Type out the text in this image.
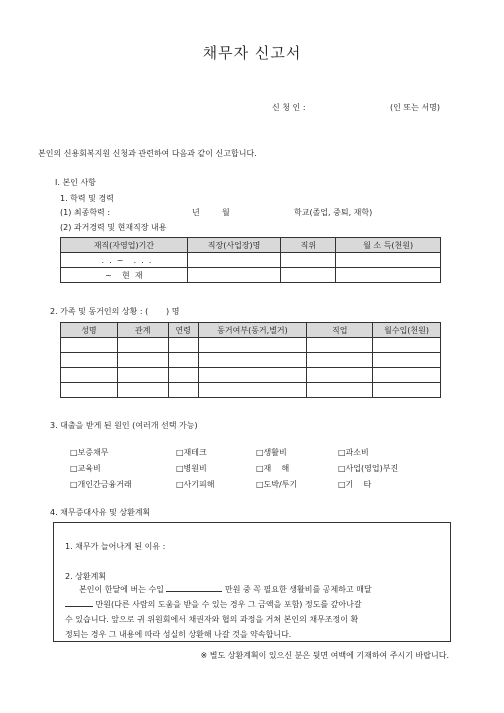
채무자 신고서
신 청 인 :	(인 또는 서명)
본인의 신용회복지원 신청과 관련하여 다음과 같이 신고합니다.
Ⅰ. 본인 사항
1. 학력 및 경력
(1) 최종학력 :	년	월	학교(졸업, 중퇴, 재학)
(2) 과거경력 및 현재직장 내용
재직(자영업)기간	직장(사업장)명	직위	월 소 득(천원)
.  .  ~    .  .  .			
~    현  재			
2. 가족 및 동거인의 상황 : (       ) 명
성명	관계	연령	동거여부(동거,별거)	직업	월수입(천원)

3. 대출을 받게 된 원인 (여러개 선택 가능)
□보증채무	□재테크	□생활비	□과소비
□교육비	□병원비	□재    해	□사업(영업)부진
□개인간금융거래	□사기피해	□도박/투기	□기    타
4. 채무증대사유 및 상환계획
1. 채무가 늘어나게 된 이유 :
2. 상환계획
본인이 한달에 버는 수입	만원 중 꼭 필요한 생활비를 공제하고 매달
만원(다른 사람의 도움을 받을 수 있는 경우 그 금액을 포함) 정도를 갚아나갈
수 있습니다. 앞으로 귀 위원회에서 채권자와 협의 과정을 거쳐 본인의 채무조정이 확
정되는 경우 그 내용에 따라 성실히 상환해 나갈 것을 약속합니다.
※ 별도 상환계획이 있으신 분은 뒷면 여백에 기재하여 주시기 바랍니다.
